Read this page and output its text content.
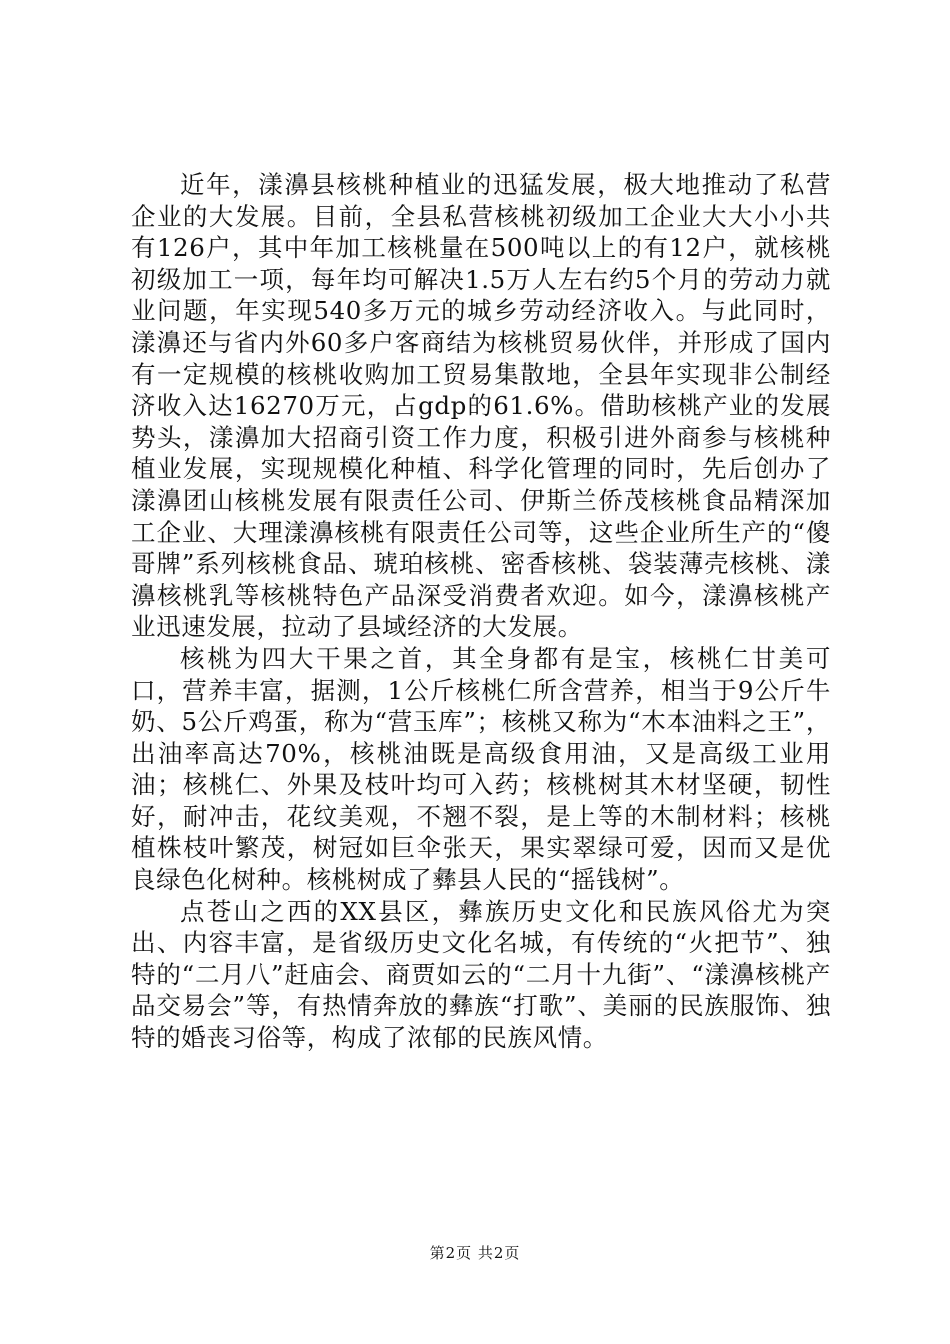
近年，漾濞县核桃种植业的迅猛发展，极大地推动了私营企业的大发展。目前，全县私营核桃初级加工企业大大小小共有126户，其中年加工核桃量在500吨以上的有12户，就核桃初级加工一项，每年均可解决1.5万人左右约5个月的劳动力就业问题，年实现540多万元的城乡劳动经济收入。与此同时，漾濞还与省内外60多户客商结为核桃贸易伙伴，并形成了国内有一定规模的核桃收购加工贸易集散地，全县年实现非公制经济收入达16270万元，占gdp的61.6%。借助核桃产业的发展势头，漾濞加大招商引资工作力度，积极引进外商参与核桃种植业发展，实现规模化种植、科学化管理的同时，先后创办了漾濞团山核桃发展有限责任公司、伊斯兰侨茂核桃食品精深加工企业、大理漾濞核桃有限责任公司等，这些企业所生产的“傻哥牌”系列核桃食品、琥珀核桃、密香核桃、袋装薄壳核桃、漾濞核桃乳等核桃特色产品深受消费者欢迎。如今，漾濞核桃产业迅速发展，拉动了县域经济的大发展。

核桃为四大干果之首，其全身都有是宝，核桃仁甘美可口，营养丰富，据测，1公斤核桃仁所含营养，相当于9公斤牛奶、5公斤鸡蛋，称为“营玉库”；核桃又称为“木本油料之王”，出油率高达70%，核桃油既是高级食用油，又是高级工业用油；核桃仁、外果及枝叶均可入药；核桃树其木材坚硬，韧性好，耐冲击，花纹美观，不翘不裂，是上等的木制材料；核桃植株枝叶繁茂，树冠如巨伞张天，果实翠绿可爱，因而又是优良绿色化树种。核桃树成了彝县人民的“摇钱树”。

点苍山之西的XX县区，彝族历史文化和民族风俗尤为突出、内容丰富，是省级历史文化名城，有传统的“火把节”、独特的“二月八”赶庙会、商贾如云的“二月十九街”、“漾濞核桃产品交易会”等，有热情奔放的彝族“打歌”、美丽的民族服饰、独特的婚丧习俗等，构成了浓郁的民族风情。

第2页 共2页
